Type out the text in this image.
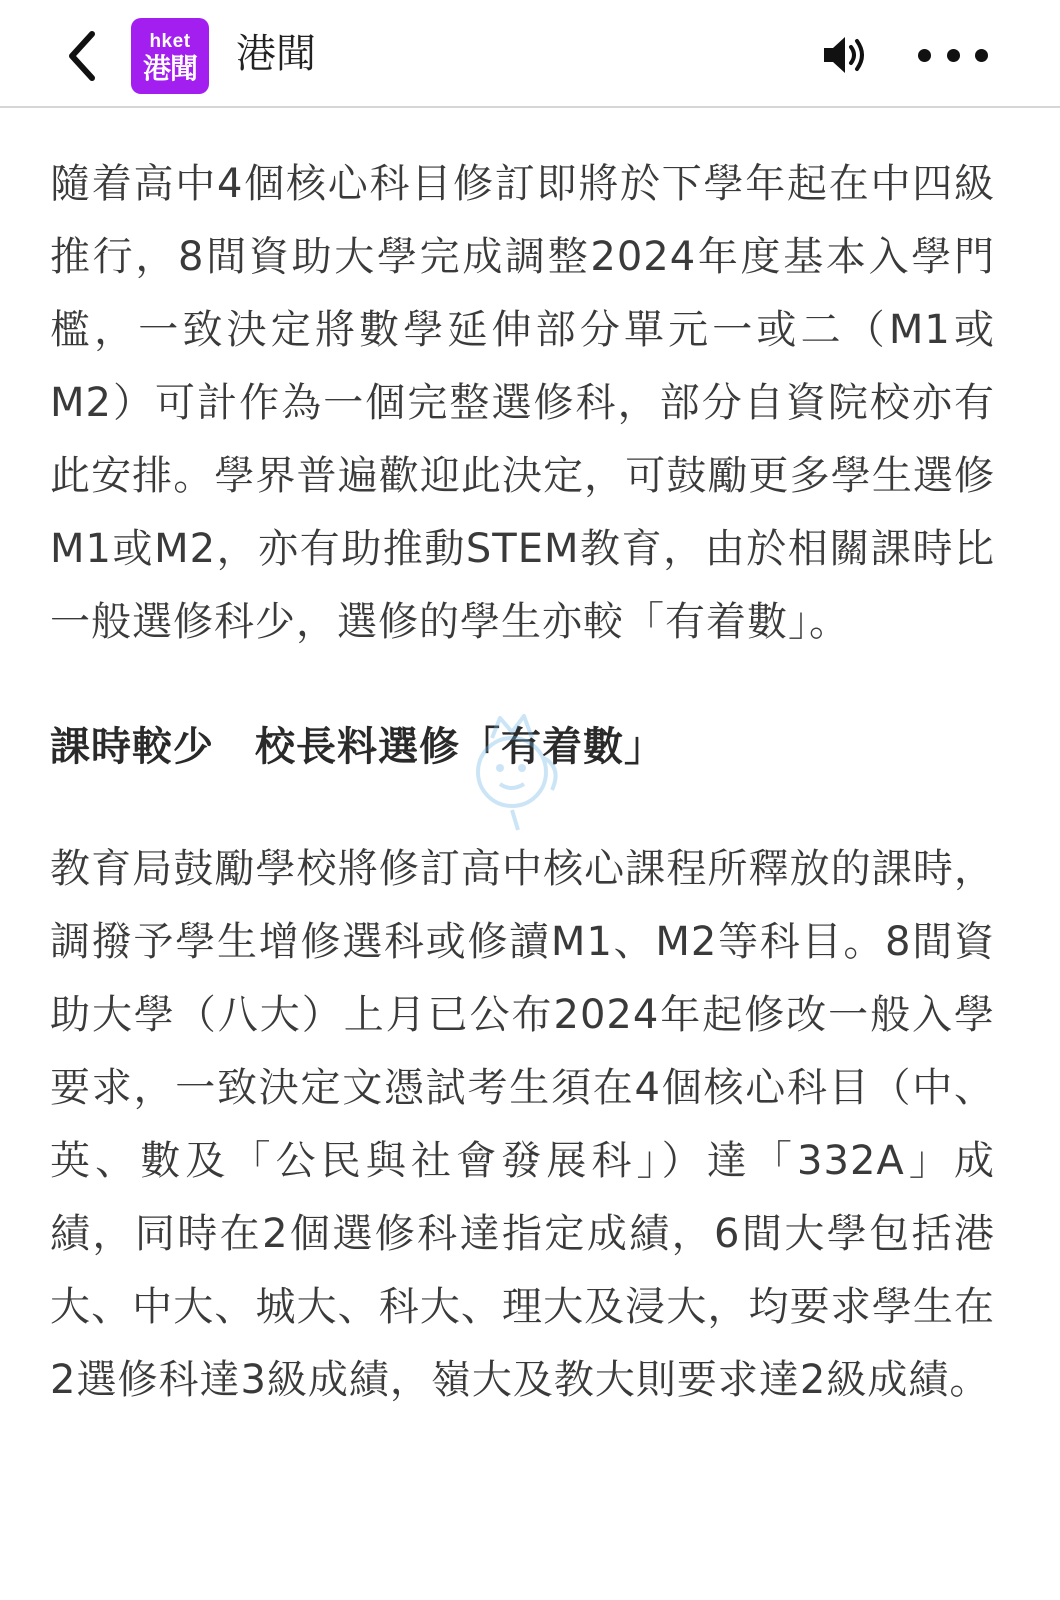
hket
港聞 港聞

隨着高中4個核心科目修訂即將於下學年起在中四級推行，8間資助大學完成調整2024年度基本入學門檻，一致決定將數學延伸部分單元一或二（M1或M2）可計作為一個完整選修科，部分自資院校亦有此安排。學界普遍歡迎此決定，可鼓勵更多學生選修M1或M2，亦有助推動STEM教育，由於相關課時比一般選修科少，選修的學生亦較「有着數」。

課時較少　校長料選修「有着數」

教育局鼓勵學校將修訂高中核心課程所釋放的課時，調撥予學生增修選科或修讀M1、M2等科目。8間資助大學（八大）上月已公布2024年起修改一般入學要求，一致決定文憑試考生須在4個核心科目（中、英、數及「公民與社會發展科」）達「332A」成績，同時在2個選修科達指定成績，6間大學包括港大、中大、城大、科大、理大及浸大，均要求學生在2選修科達3級成績，嶺大及教大則要求達2級成績。
